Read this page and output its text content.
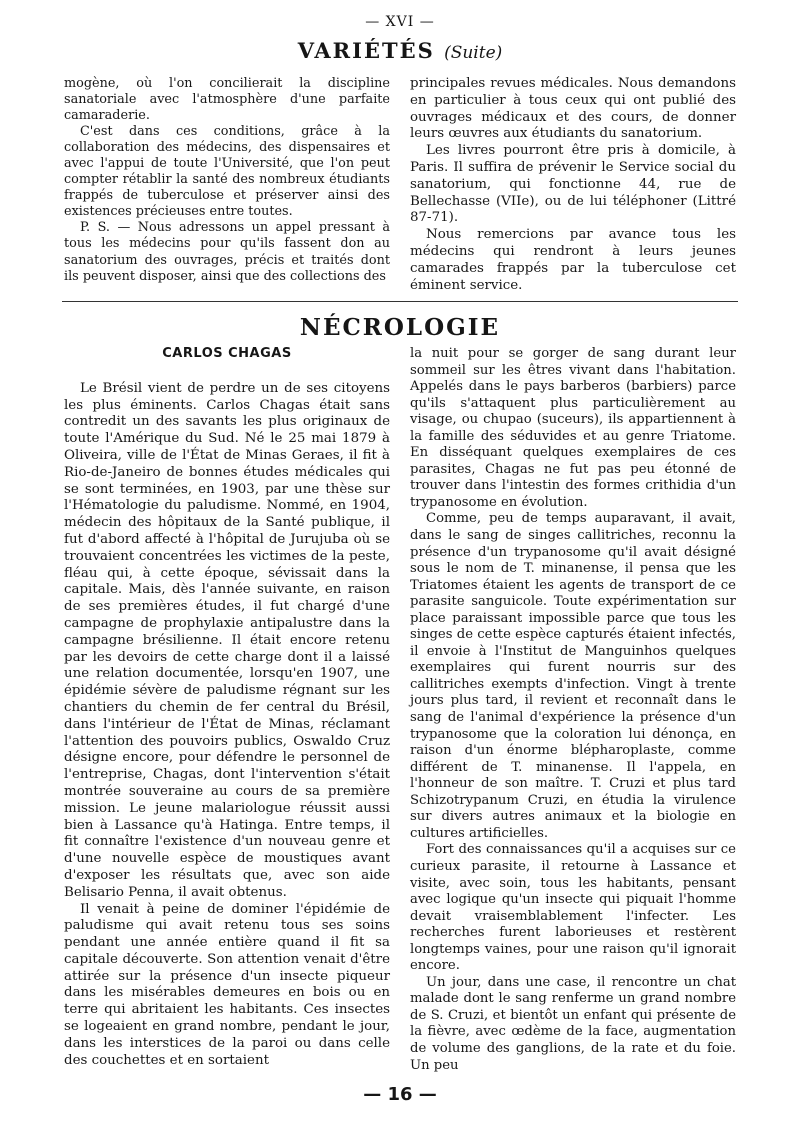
— XVI —
VARIÉTÉS (Suite)

mogène, où l'on concilierait la discipline sanatoriale avec l'atmosphère d'une parfaite camaraderie.

C'est dans ces conditions, grâce à la collaboration des médecins, des dispensaires et avec l'appui de toute l'Université, que l'on peut compter rétablir la santé des nombreux étudiants frappés de tuberculose et préserver ainsi des existences précieuses entre toutes.

P. S. — Nous adressons un appel pressant à tous les médecins pour qu'ils fassent don au sanatorium des ouvrages, précis et traités dont ils peuvent disposer, ainsi que des collections des

principales revues médicales. Nous demandons en particulier à tous ceux qui ont publié des ouvrages médicaux et des cours, de donner leurs œuvres aux étudiants du sanatorium.

Les livres pourront être pris à domicile, à Paris. Il suffira de prévenir le Service social du sanatorium, qui fonctionne 44, rue de Bellechasse (VIIe), ou de lui téléphoner (Littré 87-71).

Nous remercions par avance tous les médecins qui rendront à leurs jeunes camarades frappés par la tuberculose cet éminent service.

NÉCROLOGIE
CARLOS CHAGAS

Le Brésil vient de perdre un de ses citoyens les plus éminents. Carlos Chagas était sans contredit un des savants les plus originaux de toute l'Amérique du Sud. Né le 25 mai 1879 à Oliveira, ville de l'État de Minas Geraes, il fit à Rio-de-Janeiro de bonnes études médicales qui se sont terminées, en 1903, par une thèse sur l'Hématologie du paludisme. Nommé, en 1904, médecin des hôpitaux de la Santé publique, il fut d'abord affecté à l'hôpital de Jurujuba où se trouvaient concentrées les victimes de la peste, fléau qui, à cette époque, sévissait dans la capitale. Mais, dès l'année suivante, en raison de ses premières études, il fut chargé d'une campagne de prophylaxie antipalustre dans la campagne brésilienne. Il était encore retenu par les devoirs de cette charge dont il a laissé une relation documentée, lorsqu'en 1907, une épidémie sévère de paludisme régnant sur les chantiers du chemin de fer central du Brésil, dans l'intérieur de l'État de Minas, réclamant l'attention des pouvoirs publics, Oswaldo Cruz désigne encore, pour défendre le personnel de l'entreprise, Chagas, dont l'intervention s'était montrée souveraine au cours de sa première mission. Le jeune malariologue réussit aussi bien à Lassance qu'à Hatinga. Entre temps, il fit connaître l'existence d'un nouveau genre et d'une nouvelle espèce de moustiques avant d'exposer les résultats que, avec son aide Belisario Penna, il avait obtenus.

Il venait à peine de dominer l'épidémie de paludisme qui avait retenu tous ses soins pendant une année entière quand il fit sa capitale découverte. Son attention venait d'être attirée sur la présence d'un insecte piqueur dans les misérables demeures en bois ou en terre qui abritaient les habitants. Ces insectes se logeaient en grand nombre, pendant le jour, dans les interstices de la paroi ou dans celle des couchettes et en sortaient

la nuit pour se gorger de sang durant leur sommeil sur les êtres vivant dans l'habitation. Appelés dans le pays barberos (barbiers) parce qu'ils s'attaquent plus particulièrement au visage, ou chupao (suceurs), ils appartiennent à la famille des séduvides et au genre Triatome. En disséquant quelques exemplaires de ces parasites, Chagas ne fut pas peu étonné de trouver dans l'intestin des formes crithidia d'un trypanosome en évolution.

Comme, peu de temps auparavant, il avait, dans le sang de singes callitriches, reconnu la présence d'un trypanosome qu'il avait désigné sous le nom de T. minanense, il pensa que les Triatomes étaient les agents de transport de ce parasite sanguicole. Toute expérimentation sur place paraissant impossible parce que tous les singes de cette espèce capturés étaient infectés, il envoie à l'Institut de Manguinhos quelques exemplaires qui furent nourris sur des callitriches exempts d'infection. Vingt à trente jours plus tard, il revient et reconnaît dans le sang de l'animal d'expérience la présence d'un trypanosome que la coloration lui dénonça, en raison d'un énorme blépharoplaste, comme différent de T. minanense. Il l'appela, en l'honneur de son maître. T. Cruzi et plus tard Schizotrypanum Cruzi, en étudia la virulence sur divers autres animaux et la biologie en cultures artificielles.

Fort des connaissances qu'il a acquises sur ce curieux parasite, il retourne à Lassance et visite, avec soin, tous les habitants, pensant avec logique qu'un insecte qui piquait l'homme devait vraisemblablement l'infecter. Les recherches furent laborieuses et restèrent longtemps vaines, pour une raison qu'il ignorait encore.

Un jour, dans une case, il rencontre un chat malade dont le sang renferme un grand nombre de S. Cruzi, et bientôt un enfant qui présente de la fièvre, avec œdème de la face, augmentation de volume des ganglions, de la rate et du foie. Un peu

— 16 —
